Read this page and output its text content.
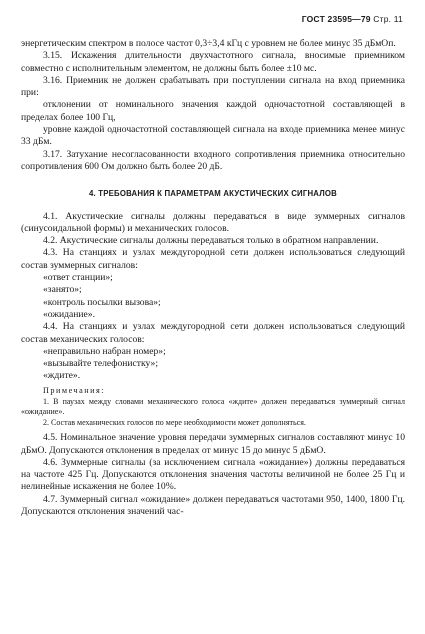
ГОСТ 23595—79 Стр. 11

энергетическим спектром в полосе частот 0,3÷3,4 кГц с уровнем не более минус 35 дБмОп.

3.15. Искажения длительности двухчастотного сигнала, вносимые приемником совместно с исполнительным элементом, не должны быть более ±10 мс.

3.16. Приемник не должен срабатывать при поступлении сигнала на вход приемника при:

отклонении от номинального значения каждой одночастотной составляющей в пределах более 100 Гц,

уровне каждой одночастотной составляющей сигнала на входе приемника менее минус 33 дБм.

3.17. Затухание несогласованности входного сопротивления приемника относительно сопротивления 600 Ом должно быть более 20 дБ.

4. ТРЕБОВАНИЯ К ПАРАМЕТРАМ АКУСТИЧЕСКИХ СИГНАЛОВ

4.1. Акустические сигналы должны передаваться в виде зуммерных сигналов (синусоидальной формы) и механических голосов.

4.2. Акустические сигналы должны передаваться только в обратном направлении.

4.3. На станциях и узлах междугородной сети должен использоваться следующий состав зуммерных сигналов:

«ответ станции»;

«занято»;

«контроль посылки вызова»;

«ожидание».

4.4. На станциях и узлах междугородной сети должен использоваться следующий состав механических голосов:

«неправильно набран номер»;

«вызывайте телефонистку»;

«ждите».

Примечания:

1. В паузах между словами механического голоса «ждите» должен передаваться зуммерный сигнал «ожидание».

2. Состав механических голосов по мере необходимости может дополняться.

4.5. Номинальное значение уровня передачи зуммерных сигналов составляют минус 10 дБмО. Допускаются отклонения в пределах от минус 15 до минус 5 дБмО.

4.6. Зуммерные сигналы (за исключением сигнала «ожидание») должны передаваться на частоте 425 Гц. Допускаются отклонения значения частоты величиной не более 25 Гц и нелинейные искажения не более 10%.

4.7. Зуммерный сигнал «ожидание» должен передаваться частотами 950, 1400, 1800 Гц. Допускаются отклонения значений час-
